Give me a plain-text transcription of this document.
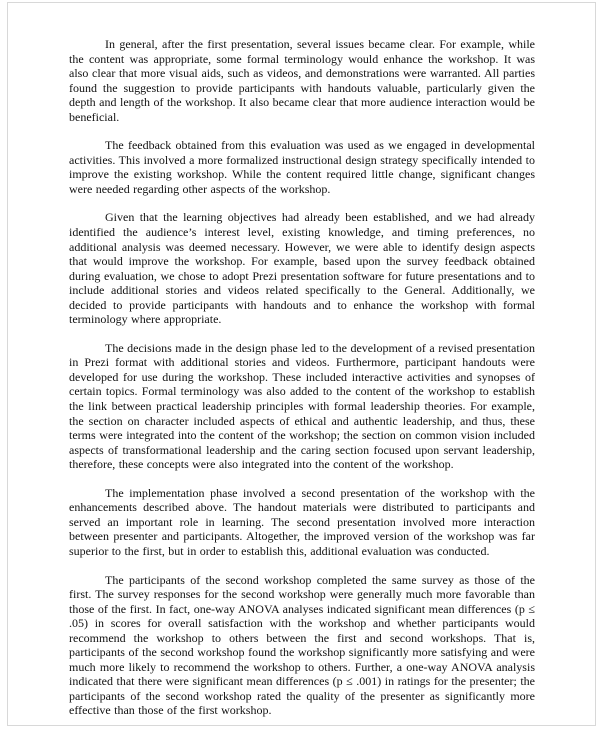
In general, after the first presentation, several issues became clear. For example, while the content was appropriate, some formal terminology would enhance the workshop. It was also clear that more visual aids, such as videos, and demonstrations were warranted. All parties found the suggestion to provide participants with handouts valuable, particularly given the depth and length of the workshop. It also became clear that more audience interaction would be beneficial.

The feedback obtained from this evaluation was used as we engaged in developmental activities. This involved a more formalized instructional design strategy specifically intended to improve the existing workshop. While the content required little change, significant changes were needed regarding other aspects of the workshop.

Given that the learning objectives had already been established, and we had already identified the audience’s interest level, existing knowledge, and timing preferences, no additional analysis was deemed necessary. However, we were able to identify design aspects that would improve the workshop. For example, based upon the survey feedback obtained during evaluation, we chose to adopt Prezi presentation software for future presentations and to include additional stories and videos related specifically to the General. Additionally, we decided to provide participants with handouts and to enhance the workshop with formal terminology where appropriate.

The decisions made in the design phase led to the development of a revised presentation in Prezi format with additional stories and videos. Furthermore, participant handouts were developed for use during the workshop. These included interactive activities and synopses of certain topics. Formal terminology was also added to the content of the workshop to establish the link between practical leadership principles with formal leadership theories. For example, the section on character included aspects of ethical and authentic leadership, and thus, these terms were integrated into the content of the workshop; the section on common vision included aspects of transformational leadership and the caring section focused upon servant leadership, therefore, these concepts were also integrated into the content of the workshop.

The implementation phase involved a second presentation of the workshop with the enhancements described above. The handout materials were distributed to participants and served an important role in learning. The second presentation involved more interaction between presenter and participants. Altogether, the improved version of the workshop was far superior to the first, but in order to establish this, additional evaluation was conducted.

The participants of the second workshop completed the same survey as those of the first. The survey responses for the second workshop were generally much more favorable than those of the first. In fact, one-way ANOVA analyses indicated significant mean differences (p ≤ .05) in scores for overall satisfaction with the workshop and whether participants would recommend the workshop to others between the first and second workshops. That is, participants of the second workshop found the workshop significantly more satisfying and were much more likely to recommend the workshop to others. Further, a one-way ANOVA analysis indicated that there were significant mean differences (p ≤ .001) in ratings for the presenter; the participants of the second workshop rated the quality of the presenter as significantly more effective than those of the first workshop.
